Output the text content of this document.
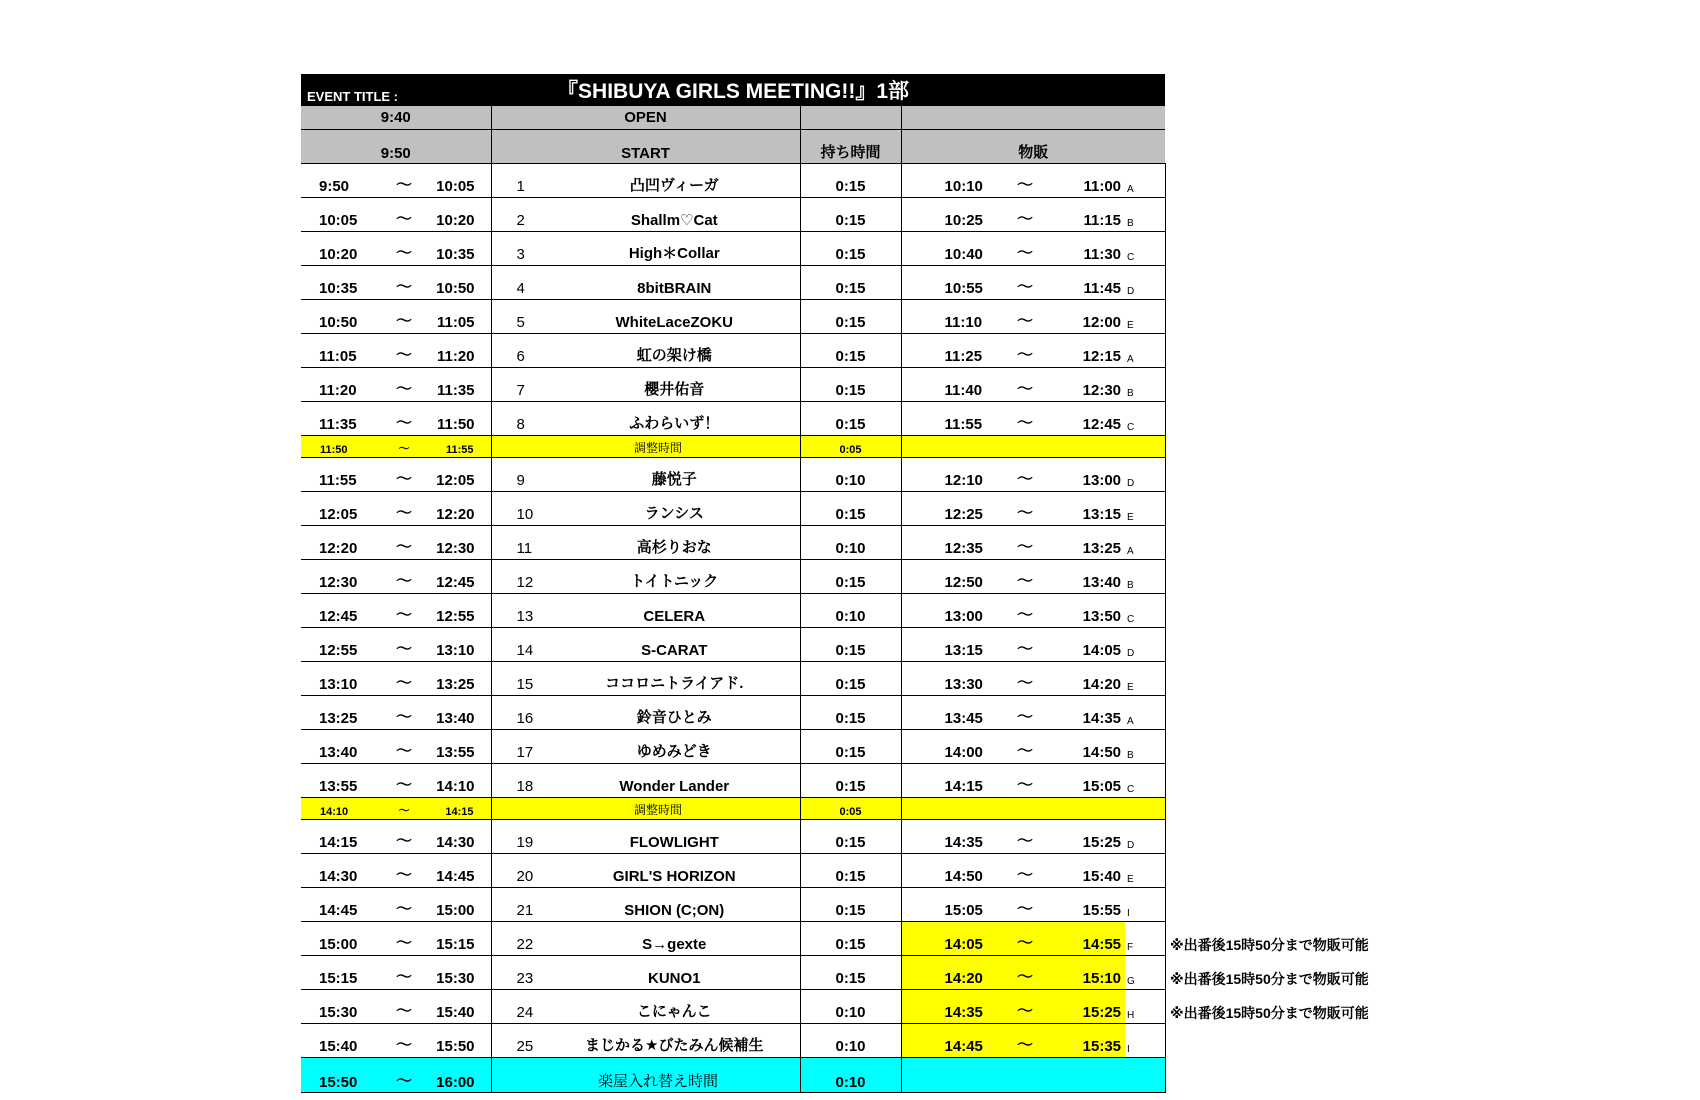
EVENT TITLE :			『SHIBUYA GIRLS MEETING!!』1部						
9:40			OPEN						
9:50			START		持ち時間	物販			
9:50	～	10:05	1	凸凹ヴィーガ	0:15	10:10	～	11:00	A
10:05	～	10:20	2	Shallm♡Cat	0:15	10:25	～	11:15	B
10:20	～	10:35	3	High＊Collar	0:15	10:40	～	11:30	C
10:35	～	10:50	4	8bitBRAIN	0:15	10:55	～	11:45	D
10:50	～	11:05	5	WhiteLaceZOKU	0:15	11:10	～	12:00	E
11:05	～	11:20	6	虹の架け橋	0:15	11:25	～	12:15	A
11:20	～	11:35	7	櫻井佑音	0:15	11:40	～	12:30	B
11:35	～	11:50	8	ふわらいず！	0:15	11:55	～	12:45	C
11:50	～	11:55	調整時間		0:05				
11:55	～	12:05	9	藤悦子	0:10	12:10	～	13:00	D
12:05	～	12:20	10	ランシス	0:15	12:25	～	13:15	E
12:20	～	12:30	11	高杉りおな	0:10	12:35	～	13:25	A
12:30	～	12:45	12	トイトニック	0:15	12:50	～	13:40	B
12:45	～	12:55	13	CELERA	0:10	13:00	～	13:50	C
12:55	～	13:10	14	S-CARAT	0:15	13:15	～	14:05	D
13:10	～	13:25	15	ココロニトライアド.	0:15	13:30	～	14:20	E
13:25	～	13:40	16	鈴音ひとみ	0:15	13:45	～	14:35	A
13:40	～	13:55	17	ゆめみどき	0:15	14:00	～	14:50	B
13:55	～	14:10	18	Wonder Lander	0:15	14:15	～	15:05	C
14:10	～	14:15	調整時間		0:05				
14:15	～	14:30	19	FLOWLIGHT	0:15	14:35	～	15:25	D
14:30	～	14:45	20	GIRL'S HORIZON	0:15	14:50	～	15:40	E
14:45	～	15:00	21	SHION (C;ON)	0:15	15:05	～	15:55	I
15:00	～	15:15	22	S→gexte	0:15	14:05	～	14:55	F
15:15	～	15:30	23	KUNO1	0:15	14:20	～	15:10	G
15:30	～	15:40	24	こにゃんこ	0:10	14:35	～	15:25	H
15:40	～	15:50	25	まじかる★びたみん候補生	0:10	14:45	～	15:35	I
15:50	～	16:00	楽屋入れ替え時間		0:10				
※出番後15時50分まで物販可能
※出番後15時50分まで物販可能
※出番後15時50分まで物販可能
